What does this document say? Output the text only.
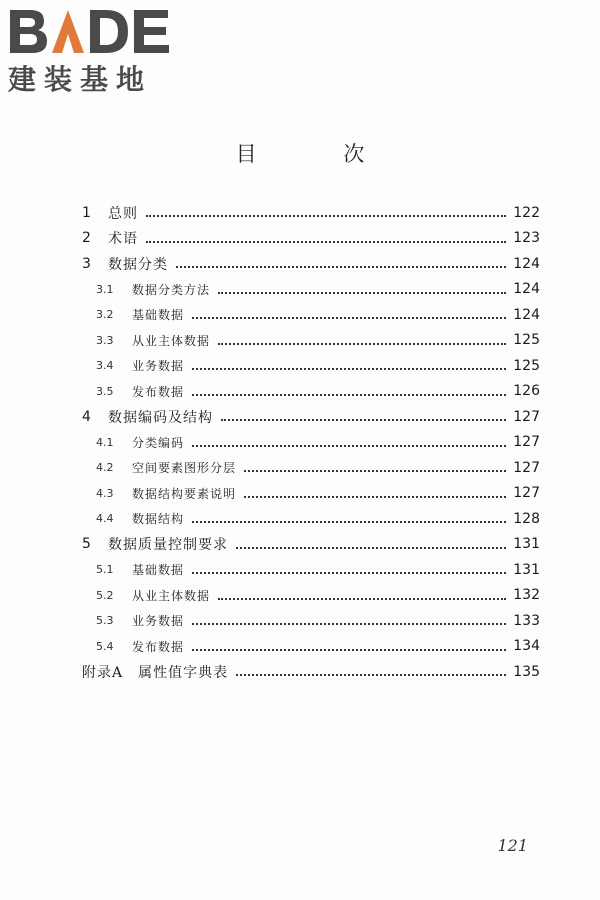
建装基地
目 次
1	总则	122
2	术语	123
3	数据分类	124
3.1	数据分类方法	124
3.2	基础数据	124
3.3	从业主体数据	125
3.4	业务数据	125
3.5	发布数据	126
4	数据编码及结构	127
4.1	分类编码	127
4.2	空间要素图形分层	127
4.3	数据结构要素说明	127
4.4	数据结构	128
5	数据质量控制要求	131
5.1	基础数据	131
5.2	从业主体数据	132
5.3	业务数据	133
5.4	发布数据	134
附录A　属性值字典表	135
121
